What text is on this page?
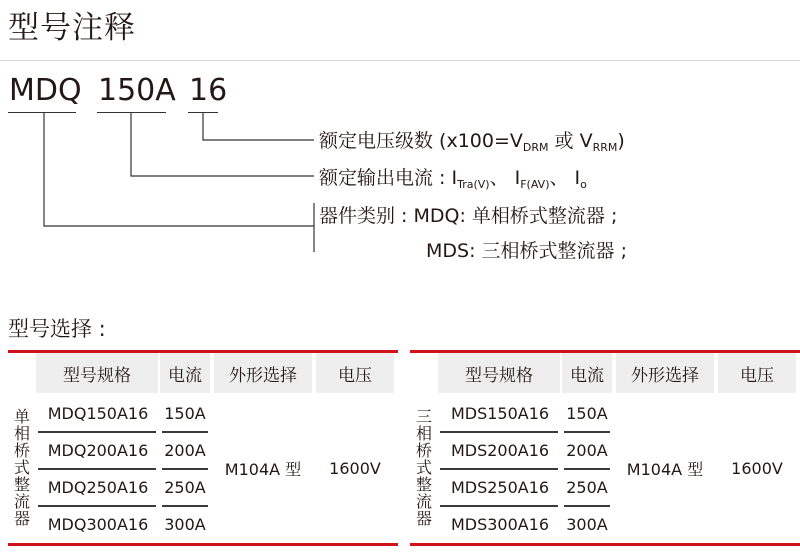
型号注释
MDQ 150A 16
额定电压级数 ($x100=V_{DRM}$ 或 $V_{RRM}$)
额定输出电流 : $I_{Tra(V)}$、 $I_{F(AV)}$、 $I_o$
器件类别 : MDQ: 单相桥式整流器 ;
MDS: 三相桥式整流器 ;
型号选择 :
型号规格	电流	外形选择	电压
单相桥式整流器	MDQ150A16 150A
MDQ200A16 200A
MDQ250A16 250A
MDQ300A16 300A
M104A 型	1600V
型号规格	电流	外形选择	电压
三相桥式整流器	MDS150A16	150A
MDS200A16	200A
MDS250A16	250A
MDS300A16	300A
M104A 型	1600V
